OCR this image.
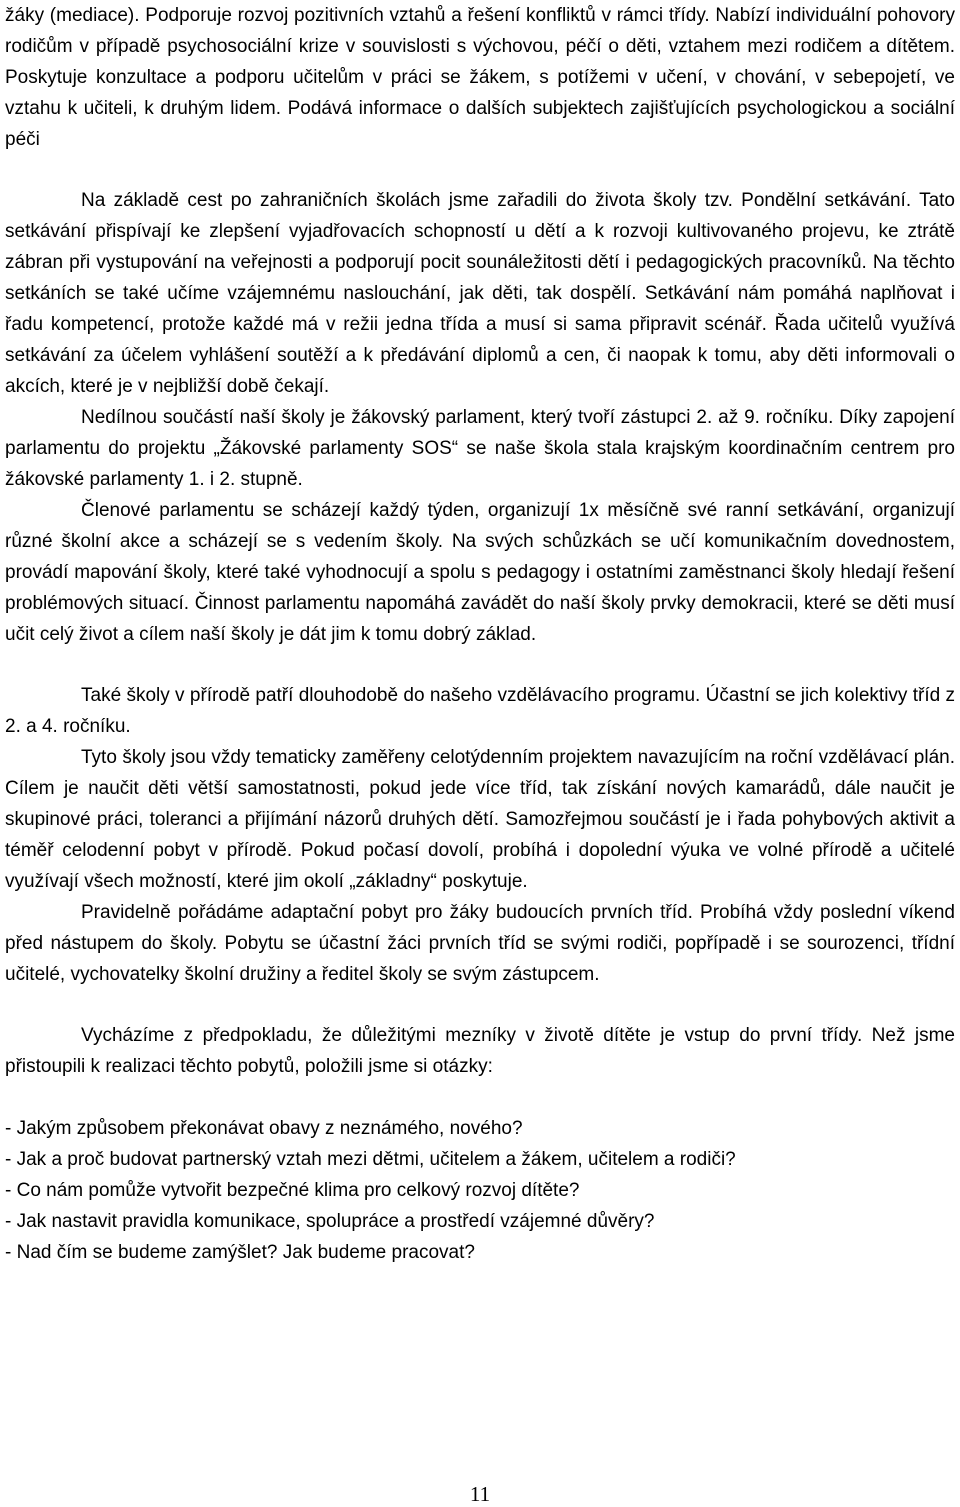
žáky (mediace). Podporuje rozvoj pozitivních vztahů a řešení konfliktů v rámci třídy. Nabízí individuální pohovory rodičům v případě psychosociální krize v souvislosti s výchovou, péčí o děti, vztahem mezi rodičem a dítětem. Poskytuje konzultace a podporu učitelům v práci se žákem, s potížemi v učení, v chování, v sebepojetí, ve vztahu k učiteli, k druhým lidem. Podává informace o dalších subjektech zajišťujících psychologickou a sociální péči

Na základě cest po zahraničních školách jsme zařadili do života školy tzv. Pondělní setkávání. Tato setkávání přispívají ke zlepšení vyjadřovacích schopností u dětí a k rozvoji kultivovaného projevu, ke ztrátě zábran při vystupování na veřejnosti a podporují pocit sounáležitosti dětí i pedagogických pracovníků. Na těchto setkáních se také učíme vzájemnému naslouchání, jak děti, tak dospělí. Setkávání nám pomáhá naplňovat i řadu kompetencí, protože každé má v režii jedna třída a musí si sama připravit scénář. Řada učitelů využívá setkávání za účelem vyhlášení soutěží a k předávání diplomů a cen, či naopak k tomu, aby děti informovali o akcích, které je v nejbližší době čekají.

Nedílnou součástí naší školy je žákovský parlament, který tvoří zástupci 2. až 9. ročníku. Díky zapojení parlamentu do projektu „Žákovské parlamenty SOS“ se naše škola stala krajským koordinačním centrem pro žákovské parlamenty 1. i 2. stupně.

Členové parlamentu se scházejí každý týden, organizují 1x měsíčně své ranní setkávání, organizují různé školní akce a scházejí se s vedením školy. Na svých schůzkách se učí komunikačním dovednostem, provádí mapování školy, které také vyhodnocují a spolu s pedagogy i ostatními zaměstnanci školy hledají řešení problémových situací. Činnost parlamentu napomáhá zavádět do naší školy prvky demokracii, které se děti musí učit celý život a cílem naší školy je dát jim k tomu dobrý základ.

Také školy v přírodě patří dlouhodobě do našeho vzdělávacího programu. Účastní se jich kolektivy tříd z 2. a 4. ročníku.

Tyto školy jsou vždy tematicky zaměřeny celotýdenním projektem navazujícím na roční vzdělávací plán. Cílem je naučit děti větší samostatnosti, pokud jede více tříd, tak získání nových kamarádů, dále naučit je skupinové práci, toleranci a přijímání názorů druhých dětí. Samozřejmou součástí je i řada pohybových aktivit a téměř celodenní pobyt v přírodě. Pokud počasí dovolí, probíhá i dopolední výuka ve volné přírodě a učitelé využívají všech možností, které jim okolí „základny“ poskytuje.

Pravidelně pořádáme adaptační pobyt pro žáky budoucích prvních tříd. Probíhá vždy poslední víkend před nástupem do školy. Pobytu se účastní žáci prvních tříd se svými rodiči, popřípadě i se sourozenci, třídní učitelé, vychovatelky školní družiny a ředitel školy se svým zástupcem.

Vycházíme z předpokladu, že důležitými mezníky v životě dítěte je vstup do první třídy. Než jsme přistoupili k realizaci těchto pobytů, položili jsme si otázky:

- Jakým způsobem překonávat obavy z neznámého, nového?
- Jak a proč budovat partnerský vztah mezi dětmi, učitelem a žákem, učitelem a rodiči?
- Co nám pomůže vytvořit bezpečné klima pro celkový rozvoj dítěte?
- Jak nastavit pravidla komunikace, spolupráce a prostředí vzájemné důvěry?
- Nad čím se budeme zamýšlet? Jak budeme pracovat?
11
